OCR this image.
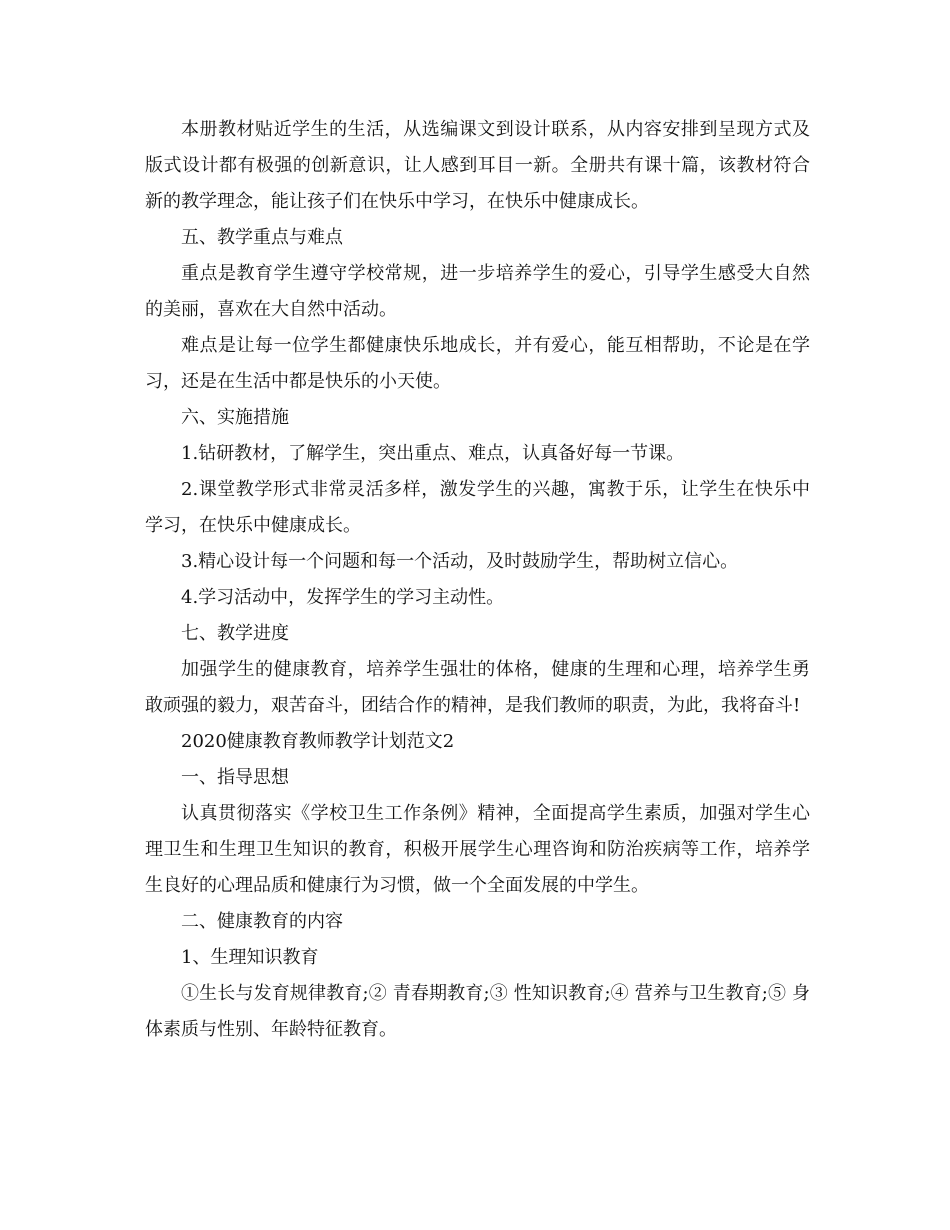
本册教材贴近学生的生活，从选编课文到设计联系，从内容安排到呈现方式及版式设计都有极强的创新意识，让人感到耳目一新。全册共有课十篇，该教材符合新的教学理念，能让孩子们在快乐中学习，在快乐中健康成长。

五、教学重点与难点

重点是教育学生遵守学校常规，进一步培养学生的爱心，引导学生感受大自然的美丽，喜欢在大自然中活动。

难点是让每一位学生都健康快乐地成长，并有爱心，能互相帮助，不论是在学习，还是在生活中都是快乐的小天使。

六、实施措施

1.钻研教材，了解学生，突出重点、难点，认真备好每一节课。

2.课堂教学形式非常灵活多样，激发学生的兴趣，寓教于乐，让学生在快乐中学习，在快乐中健康成长。

3.精心设计每一个问题和每一个活动，及时鼓励学生，帮助树立信心。

4.学习活动中，发挥学生的学习主动性。

七、教学进度

加强学生的健康教育，培养学生强壮的体格，健康的生理和心理，培养学生勇敢顽强的毅力，艰苦奋斗，团结合作的精神，是我们教师的职责，为此，我将奋斗!

2020健康教育教师教学计划范文2

一、指导思想

认真贯彻落实《学校卫生工作条例》精神，全面提高学生素质，加强对学生心理卫生和生理卫生知识的教育，积极开展学生心理咨询和防治疾病等工作，培养学生良好的心理品质和健康行为习惯，做一个全面发展的中学生。

二、健康教育的内容

1、生理知识教育

①生长与发育规律教育;② 青春期教育;③ 性知识教育;④ 营养与卫生教育;⑤ 身体素质与性别、年龄特征教育。
